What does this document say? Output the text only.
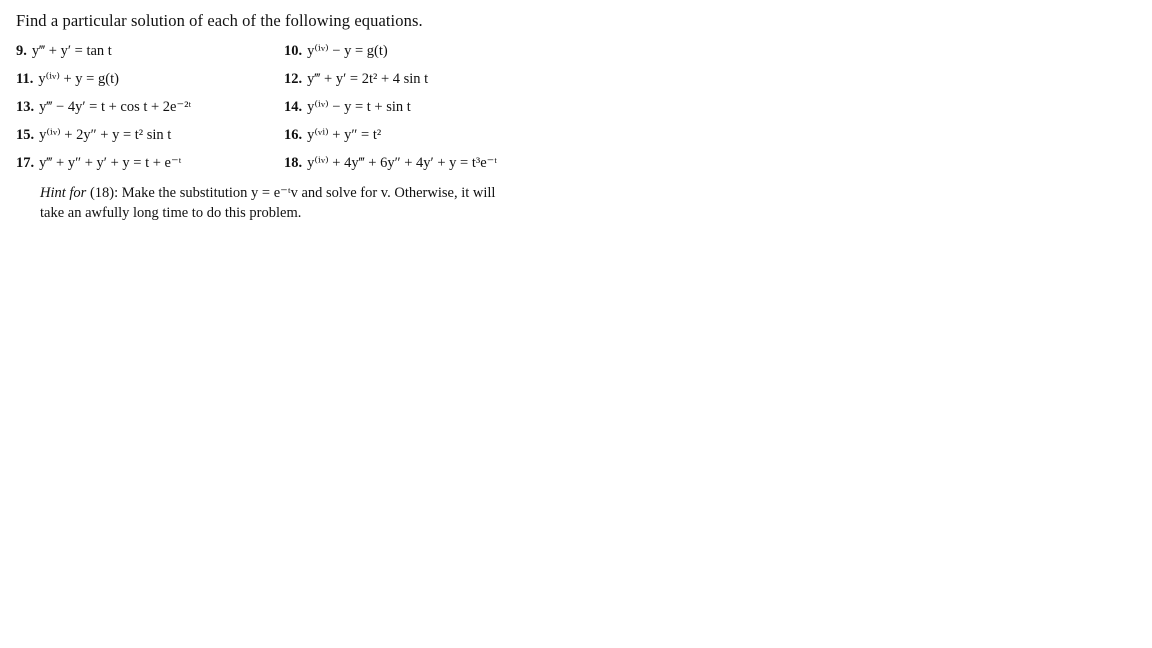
Find a particular solution of each of the following equations.
9. y‴ + y′ = tan t	10. y⁽ⁱᵛ⁾ − y = g(t)
11. y⁽ⁱᵛ⁾ + y = g(t)	12. y‴ + y′ = 2t² + 4 sin t
13. y‴ − 4y′ = t + cos t + 2e⁻²ᵗ	14. y⁽ⁱᵛ⁾ − y = t + sin t
15. y⁽ⁱᵛ⁾ + 2y″ + y = t² sin t	16. y⁽ᵛⁱ⁾ + y″ = t²
17. y‴ + y″ + y′ + y = t + e⁻ᵗ	18. y⁽ⁱᵛ⁾ + 4y‴ + 6y″ + 4y′ + y = t³e⁻ᵗ
Hint for (18): Make the substitution y = e⁻ᵗv and solve for v. Otherwise, it will
take an awfully long time to do this problem.
